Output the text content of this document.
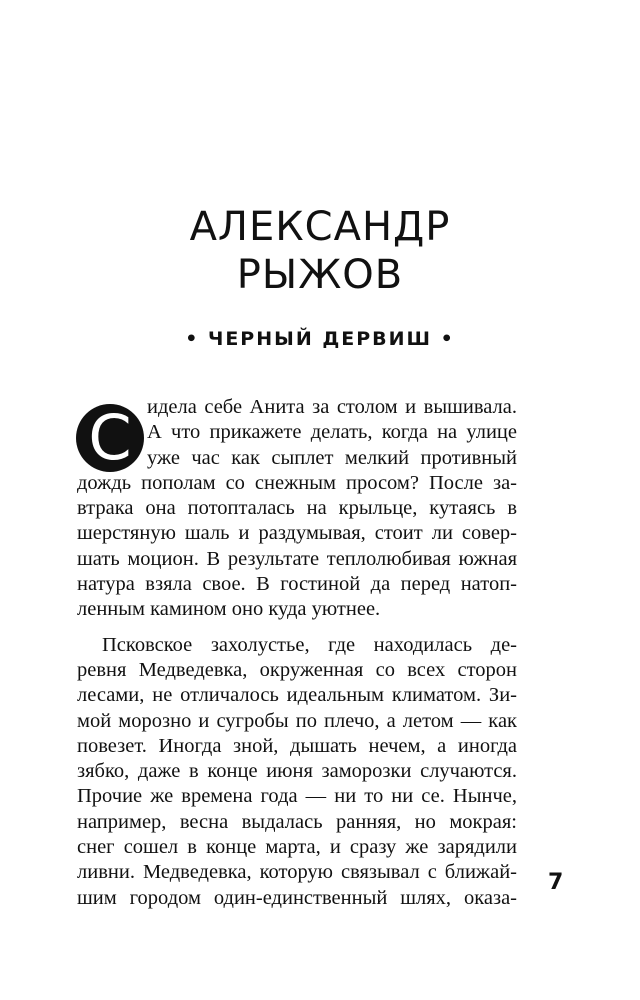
АЛЕКСАНДР
РЫЖОВ
• ЧЕРНЫЙ ДЕРВИШ •
С идела себе Анита за столом и вышивала.
А что прикажете делать, когда на улице
уже час как сыплет мелкий противный
дождь пополам со снежным просом? После за-
втрака она потопталась на крыльце, кутаясь в
шерстяную шаль и раздумывая, стоит ли совер-
шать моцион. В результате теплолюбивая южная
натура взяла свое. В гостиной да перед натоп-
ленным камином оно куда уютнее.
Псковское захолустье, где находилась де-
ревня Медведевка, окруженная со всех сторон
лесами, не отличалось идеальным климатом. Зи-
мой морозно и сугробы по плечо, а летом — как
повезет. Иногда зной, дышать нечем, а иногда
зябко, даже в конце июня заморозки случаются.
Прочие же времена года — ни то ни се. Нынче,
например, весна выдалась ранняя, но мокрая:
снег сошел в конце марта, и сразу же зарядили
ливни. Медведевка, которую связывал с ближай-
шим городом один-единственный шлях, оказа-
7
